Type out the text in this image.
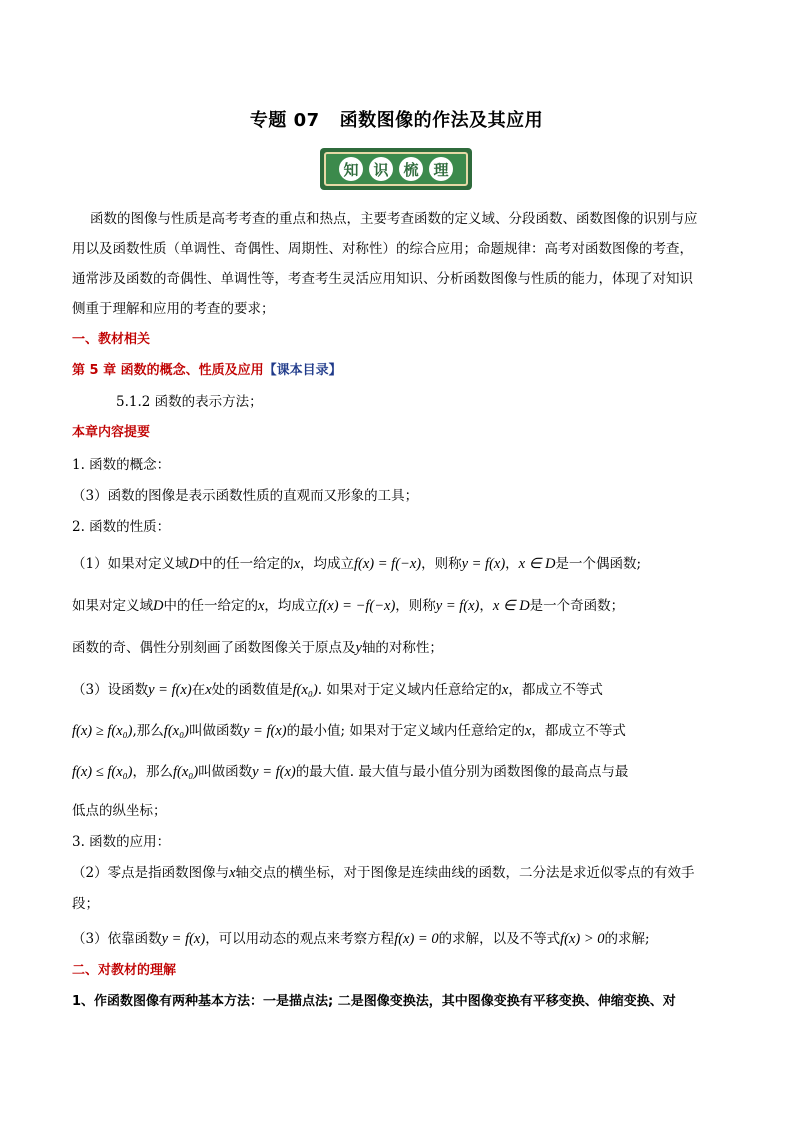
专题 07 函数图像的作法及其应用
知 识 梳 理
函数的图像与性质是高考考查的重点和热点，主要考查函数的定义域、分段函数、函数图像的识别与应
用以及函数性质（单调性、奇偶性、周期性、对称性）的综合应用；命题规律：高考对函数图像的考查，
通常涉及函数的奇偶性、单调性等，考查考生灵活应用知识、分析函数图像与性质的能力，体现了对知识
侧重于理解和应用的考查的要求；
一、教材相关
第 5 章 函数的概念、性质及应用【课本目录】
5.1.2 函数的表示方法；
本章内容提要
1. 函数的概念：
（3）函数的图像是表示函数性质的直观而又形象的工具；
2. 函数的性质：
（1）如果对定义域D中的任一给定的x，均成立f(x) = f(−x)，则称y = f(x)，x ∈ D是一个偶函数;
如果对定义域D中的任一给定的x，均成立f(x) = −f(−x)，则称y = f(x)，x ∈ D是一个奇函数；
函数的奇、偶性分别刻画了函数图像关于原点及y轴的对称性；
（3）设函数y = f(x)在x处的函数值是f(x₀). 如果对于定义域内任意给定的x，都成立不等式
f(x) ≥ f(x₀),那么f(x₀)叫做函数y = f(x)的最小值; 如果对于定义域内任意给定的x，都成立不等式
f(x) ≤ f(x₀)，那么f(x₀)叫做函数y = f(x)的最大值. 最大值与最小值分别为函数图像的最高点与最
低点的纵坐标；
3. 函数的应用：
（2）零点是指函数图像与x轴交点的横坐标，对于图像是连续曲线的函数，二分法是求近似零点的有效手
段；
（3）依靠函数y = f(x)，可以用动态的观点来考察方程f(x) = 0的求解，以及不等式f(x) > 0的求解;
二、对教材的理解
1、作函数图像有两种基本方法：一是描点法; 二是图像变换法，其中图像变换有平移变换、伸缩变换、对
